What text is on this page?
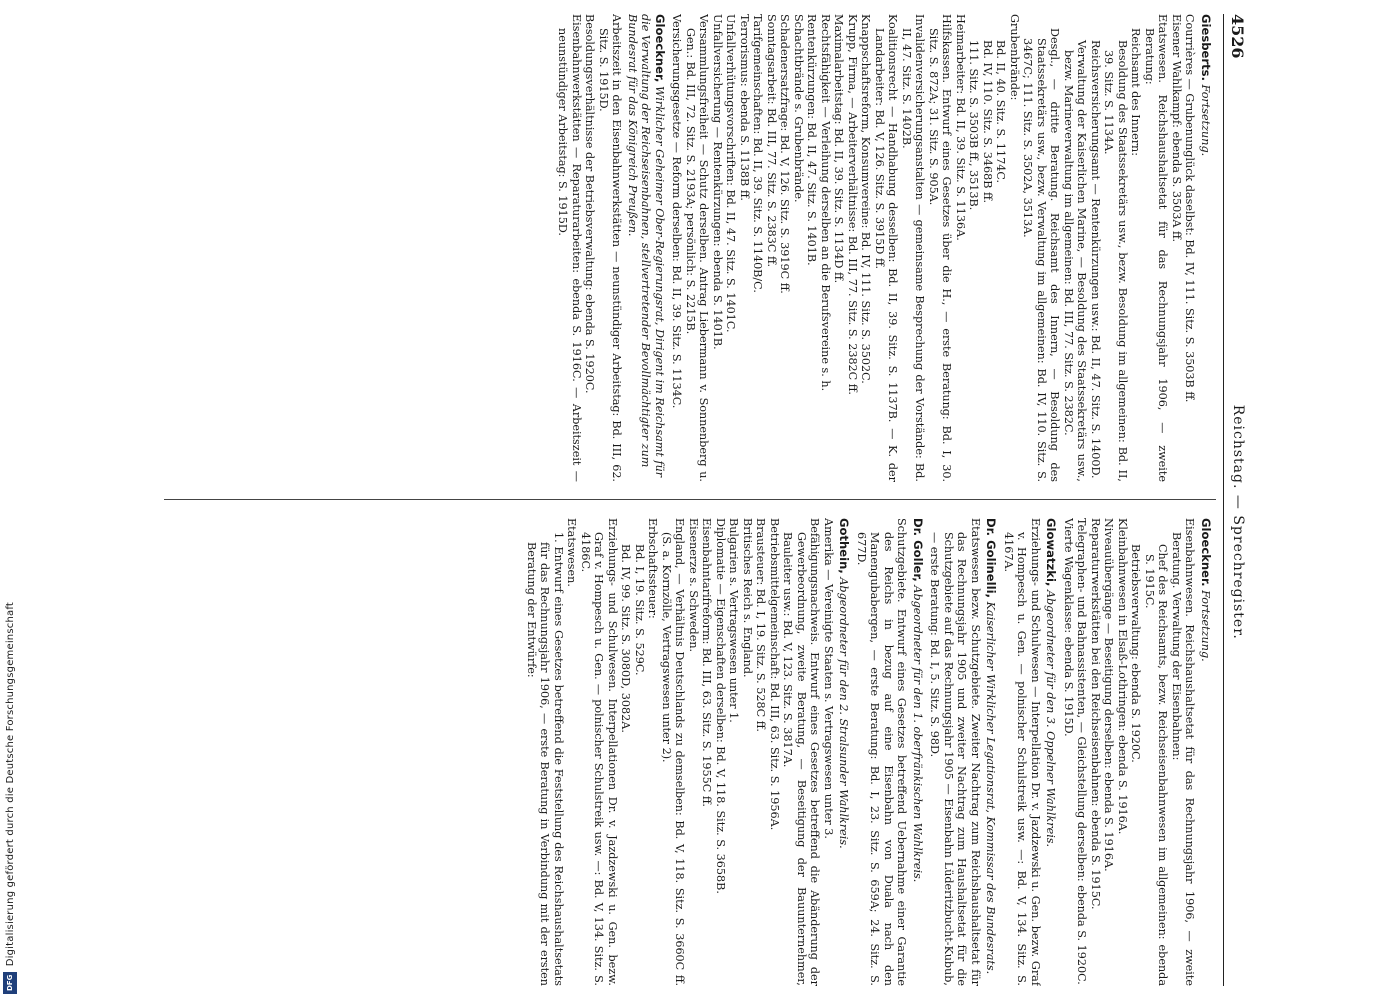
Digitalisierung gefördert durch die Deutsche Forschungsgemeinschaft
DFG
4526
Reichstag. — Sprechregister.

Giesberts. Fortsetzung.

Courrières — Grubenunglück daselbst: Bd. IV, 111. Sitz. S. 3503B ff.

Eisener Wahlkampf: ebenda S. 3503A ff.

Etatswesen. Reichshaushaltsetat für das Rechnungsjahr 1906, — zweite Beratung:

Reichsamt des Innern:

Besoldung des Staatssekretärs usw., bezw. Besoldung im allgemeinen: Bd. II, 39. Sitz. S. 1134A.

Reichsversicherungsamt — Rentenkürzungen usw.: Bd. II, 47. Sitz. S. 1400D.

Verwaltung der Kaiserlichen Marine, — Besoldung des Staatssekretärs usw., bezw. Marineverwaltung im allgemeinen: Bd. III, 77. Sitz. S. 2382C.

Desgl., — dritte Beratung. Reichsamt des Innern, — Besoldung des Staatssekretärs usw., bezw. Verwaltung im allgemeinen: Bd. IV, 110. Sitz. S. 3467C; 111. Sitz. S. 3502A, 3513A.

Grubenbrände:

Bd. II, 40. Sitz. S. 1174C.

Bd. IV, 110. Sitz. S. 3468B ff.

111. Sitz. S. 3503B ff., 3513B.

Heimarbeiter: Bd. II, 39. Sitz. S. 1136A.

Hilfskassen. Entwurf eines Gesetzes über die H., — erste Beratung: Bd. I, 30. Sitz. S. 872A; 31. Sitz. S. 905A.

Invalidenversicherungsanstalten — gemeinsame Besprechung der Vorstände: Bd. II, 47. Sitz. S. 1402B.

Koalitionsrecht — Handhabung desselben: Bd. II, 39. Sitz. S. 1137B. — K. der Landarbeiter: Bd. V, 126. Sitz. S. 3915D ff.

Knappschaftsreform, Konsumvereine: Bd. IV, 111. Sitz. S. 3502C.

Krupp, Firma, — Arbeiterverhältnisse: Bd. III, 77. Sitz. S. 2382C ff.

Maximalarbeitstag: Bd. II, 39. Sitz. S. 1134D ff.

Rechtsfähigkeit — Verleihung derselben an die Berufsvereine s. h.

Rentenkürzungen: Bd. II, 47. Sitz. S. 1401B.

Schachtbrände s. Grubenbrände.

Schadenersatzfrage: Bd. V, 126. Sitz. S. 3919C ff.

Sonntagsarbeit: Bd. III, 77. Sitz. S. 2383C ff.

Tarifgemeinschaften: Bd. II, 39. Sitz. S. 1140B/C.

Terrorismus: ebenda S. 1138B ff.

Unfallverhütungsvorschriften: Bd. II, 47. Sitz. S. 1401C.

Unfallversicherung — Rentenkürzungen: ebenda S. 1401B.

Versammlungsfreiheit — Schutz derselben. Antrag Liebermann v. Sonnenberg u. Gen.: Bd. III, 72. Sitz. S. 2193A; persönlich: S. 2215B.

Versicherungsgesetze — Reform derselben: Bd. II, 39. Sitz. S. 1134C.

Gloeckner, Wirklicher Geheimer Ober-Regierungsrat, Dirigent im Reichsamt für die Verwaltung der Reichseisenbahnen, stellvertretender Bevollmächtigter zum Bundesrat für das Königreich Preußen.

Arbeitszeit in den Eisenbahnwerkstätten — neunstündiger Arbeitstag: Bd. III, 62. Sitz. S. 1915D.

Besoldungsverhältnisse der Betriebsverwaltung: ebenda S. 1920C.

Eisenbahnwerkstätten — Reparaturarbeiten: ebenda S. 1916C. — Arbeitszeit — neunstündiger Arbeitstag: S. 1915D.

Gloeckner. Fortsetzung.

Eisenbahnwesen. Reichshaushaltsetat für das Rechnungsjahr 1906, — zweite Beratung. Verwaltung der Eisenbahnen:

Chef des Reichsamts, bezw. Reichseisenbahnwesen im allgemeinen: ebenda S. 1915C.

Betriebsverwaltung: ebenda S. 1920C.

Kleinbahnwesen in Elsaß-Lothringen: ebenda S. 1916A.

Niveauübergänge — Beseitigung derselben: ebenda S. 1916A.

Reparaturwerkstätten bei den Reichseisenbahnen: ebenda S. 1915C.

Telegraphen- und Bahnassistenten, — Gleichstellung derselben: ebenda S. 1920C.

Vierte Wagenklasse: ebenda S. 1915D.

Glowatzki, Abgeordneter für den 3. Oppelner Wahlkreis.

Erziehungs- und Schulwesen — Interpellation Dr. v. Jazdzewski u. Gen. bezw. Graf v. Hompesch u. Gen. — polnischer Schulstreik usw. —: Bd. V, 134. Sitz. S. 4167A.

Dr. Golinelli, Kaiserlicher Wirklicher Legationsrat, Kommissar des Bundesrats.

Etatswesen bezw. Schutzgebiete. Zweiter Nachtrag zum Reichshaushaltsetat für das Rechnungsjahr 1905 und zweiter Nachtrag zum Haushaltsetat für die Schutzgebiete auf das Rechnungsjahr 1905 — Eisenbahn Lüderitzbucht-Kubub, — erste Beratung: Bd. I, 5. Sitz. S. 98D.

Dr. Goller, Abgeordneter für den 1. oberfränkischen Wahlkreis.

Schutzgebiete. Entwurf eines Gesetzes betreffend Uebernahme einer Garantie des Reichs in bezug auf eine Eisenbahn von Duala nach den Manengubabergen, — erste Beratung: Bd. I, 23. Sitz. S. 659A; 24. Sitz. S. 677D.

Gothein, Abgeordneter für den 2. Stralsunder Wahlkreis.

Amerika — Vereinigte Staaten s. Vertragswesen unter 3.

Befähigungsnachweis. Entwurf eines Gesetzes betreffend die Abänderung der Gewerbeordnung, zweite Beratung, — Beseitigung der Bauunternehmer, Bauleiter usw.: Bd. V, 123. Sitz. S. 3817A.

Betriebsmittelgemeinschaft: Bd. III, 63. Sitz. S. 1956A.

Brausteuer: Bd. I, 19. Sitz. S. 528C ff.

Britisches Reich s. England.

Bulgarien s. Vertragswesen unter 1.

Diplomatie — Eigenschaften derselben: Bd. V, 118. Sitz. S. 3658B.

Eisenbahntarifreform: Bd. III, 63. Sitz. S. 1955C ff.

Eisenerze s. Schweden.

England, — Verhältnis Deutschlands zu demselben: Bd. V, 118. Sitz. S. 3660C ff. (S. a. Kornzölle, Vertragswesen unter 2).

Erbschaftssteuer:

Bd. I, 19. Sitz. S. 529C.

Bd. IV, 99. Sitz. S. 3080D, 3082A.

Erziehungs- und Schulwesen. Interpellationen Dr. v. Jazdzewski u. Gen. bezw. Graf v. Hompesch u. Gen. — polnischer Schulstreik usw. —: Bd. V, 134. Sitz. S. 4186C.

Etatswesen.

1. Entwurf eines Gesetzes betreffend die Feststellung des Reichshaushaltsetats für das Rechnungsjahr 1906, — erste Beratung in Verbindung mit der ersten Beratung der Entwürfe:
